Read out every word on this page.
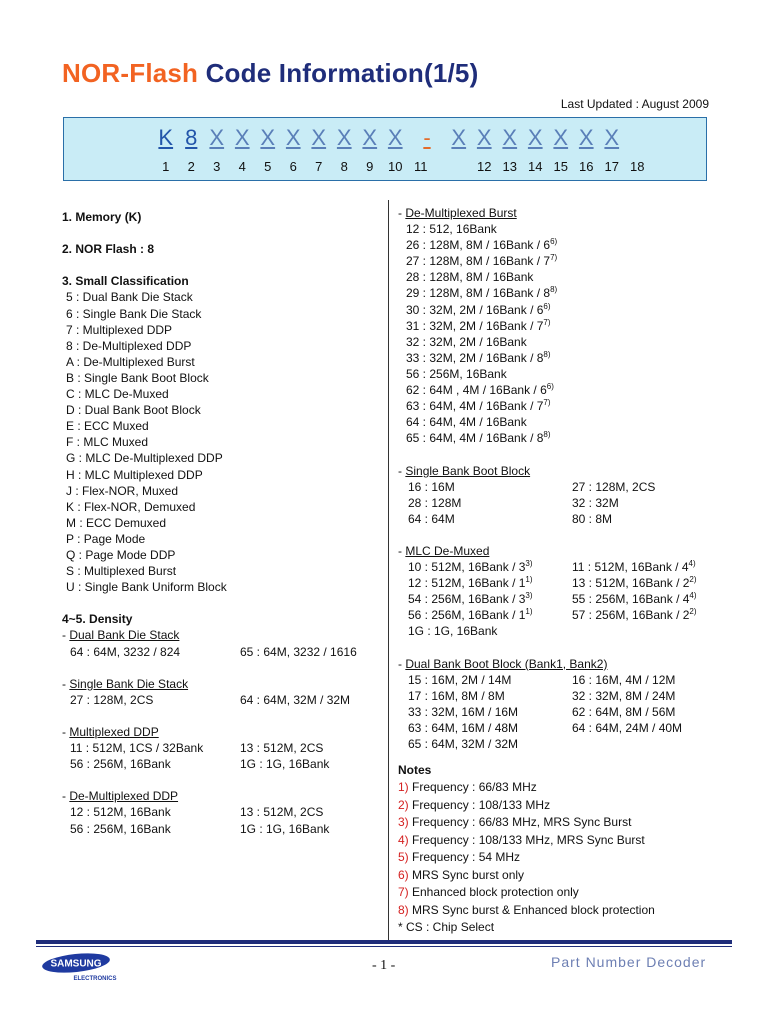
NOR-Flash Code Information(1/5)
Last Updated : August 2009
K 8 X X X X X X X X - X X X X X X X
1 2 3 4 5 6 7 8 9 10 11	12 13 14 15 16 17 18
1. Memory (K)
2. NOR Flash : 8
3. Small Classification
5 : Dual Bank Die Stack
6 : Single Bank Die Stack
7 : Multiplexed DDP
8 : De-Multiplexed DDP
A : De-Multiplexed Burst
B : Single Bank Boot Block
C : MLC De-Muxed
D : Dual Bank Boot Block
E : ECC Muxed
F : MLC Muxed
G : MLC De-Multiplexed DDP
H : MLC Multiplexed DDP
J : Flex-NOR, Muxed
K : Flex-NOR, Demuxed
M : ECC Demuxed
P : Page Mode
Q : Page Mode DDP
S : Multiplexed Burst
U : Single Bank Uniform Block
4~5. Density
- Dual Bank Die Stack
64 : 64M, 3232 / 824	65 : 64M, 3232 / 1616
- Single Bank Die Stack
27 : 128M, 2CS	64 : 64M, 32M / 32M
- Multiplexed DDP
11 : 512M, 1CS / 32Bank	13 : 512M, 2CS
56 : 256M, 16Bank	1G : 1G, 16Bank
- De-Multiplexed DDP
12 : 512M, 16Bank	13 : 512M, 2CS
56 : 256M, 16Bank	1G : 1G, 16Bank
- De-Multiplexed Burst
12 : 512, 16Bank
26 : 128M, 8M / 16Bank / 6$^{6)}$
27 : 128M, 8M / 16Bank / 7$^{7)}$
28 : 128M, 8M / 16Bank
29 : 128M, 8M / 16Bank / 8$^{8)}$
30 : 32M, 2M / 16Bank / 6$^{6)}$
31 : 32M, 2M / 16Bank / 7$^{7)}$
32 : 32M, 2M / 16Bank
33 : 32M, 2M / 16Bank / 8$^{8)}$
56 : 256M, 16Bank
62 : 64M , 4M / 16Bank / 6$^{6)}$
63 : 64M, 4M / 16Bank / 7$^{7)}$
64 : 64M, 4M / 16Bank
65 : 64M, 4M / 16Bank / 8$^{8)}$
- Single Bank Boot Block
16 : 16M	27 : 128M, 2CS
28 : 128M	32 : 32M
64 : 64M	80 : 8M
- MLC De-Muxed
10 : 512M, 16Bank / 3$^{3)}$	11 : 512M, 16Bank / 4$^{4)}$
12 : 512M, 16Bank / 1$^{1)}$	13 : 512M, 16Bank / 2$^{2)}$
54 : 256M, 16Bank / 3$^{3)}$	55 : 256M, 16Bank / 4$^{4)}$
56 : 256M, 16Bank / 1$^{1)}$	57 : 256M, 16Bank / 2$^{2)}$
1G : 1G, 16Bank
- Dual Bank Boot Block (Bank1, Bank2)
15 : 16M, 2M / 14M	16 : 16M, 4M / 12M
17 : 16M, 8M / 8M	32 : 32M, 8M / 24M
33 : 32M, 16M / 16M	62 : 64M, 8M / 56M
63 : 64M, 16M / 48M	64 : 64M, 24M / 40M
65 : 64M, 32M / 32M
Notes
1) Frequency : 66/83 MHz
2) Frequency : 108/133 MHz
3) Frequency : 66/83 MHz, MRS Sync Burst
4) Frequency : 108/133 MHz, MRS Sync Burst
5) Frequency : 54 MHz
6) MRS Sync burst only
7) Enhanced block protection only
8) MRS Sync burst & Enhanced block protection
* CS : Chip Select
SAMSUNG
ELECTRONICS
- 1 -	Part Number Decoder
